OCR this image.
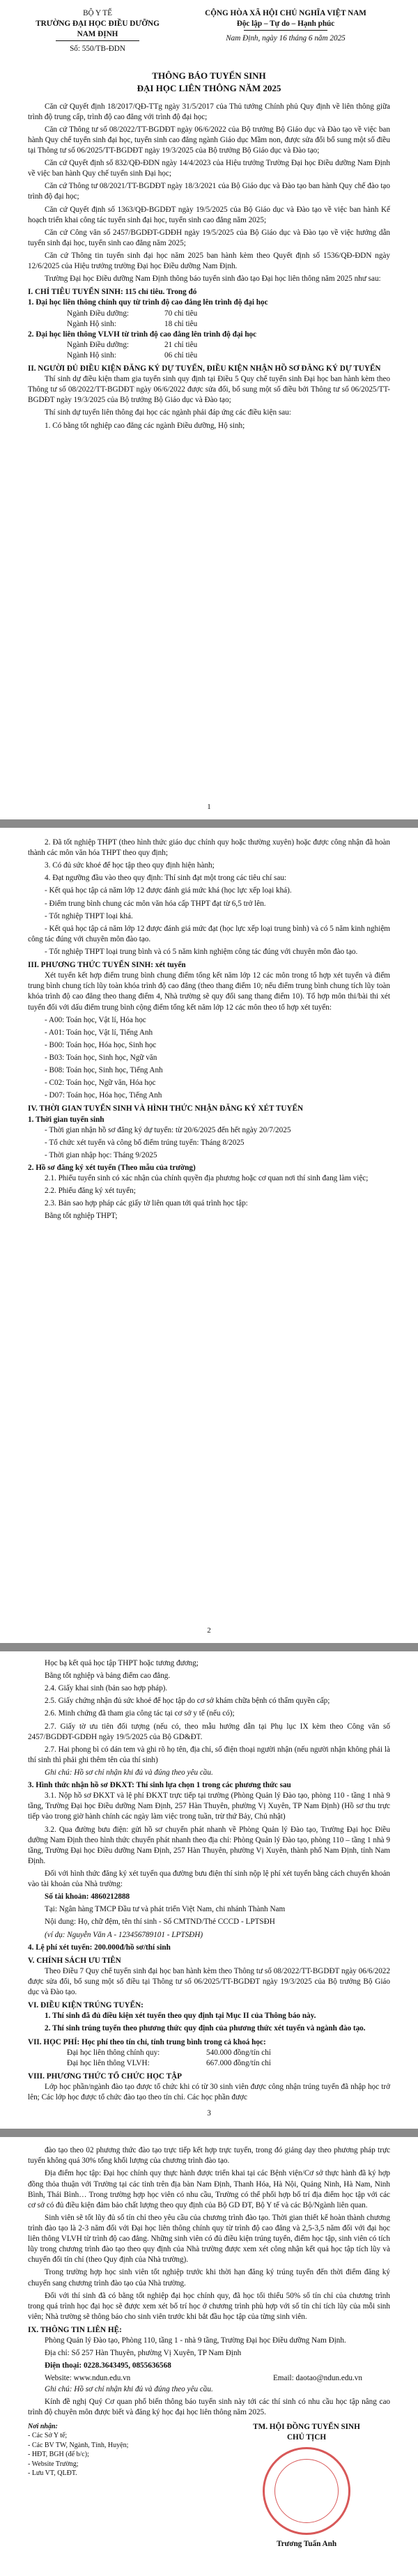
BỘ Y TẾ
TRƯỜNG ĐẠI HỌC ĐIỀU DƯỠNG NAM ĐỊNH
Số: 550/TB-ĐDN
CỘNG HÒA XÃ HỘI CHỦ NGHĨA VIỆT NAM
Độc lập – Tự do – Hạnh phúc
Nam Định, ngày 16 tháng 6 năm 2025
THÔNG BÁO TUYỂN SINH
ĐẠI HỌC LIÊN THÔNG NĂM 2025

Căn cứ Quyết định 18/2017/QĐ-TTg ngày 31/5/2017 của Thủ tướng Chính phủ Quy định về liên thông giữa trình độ trung cấp, trình độ cao đẳng với trình độ đại học;

Căn cứ Thông tư số 08/2022/TT-BGDĐT ngày 06/6/2022 của Bộ trưởng Bộ Giáo dục và Đào tạo về việc ban hành Quy chế tuyển sinh đại học, tuyển sinh cao đẳng ngành Giáo dục Mầm non, được sửa đổi bổ sung một số điều tại Thông tư số 06/2025/TT-BGDĐT ngày 19/3/2025 của Bộ trưởng Bộ Giáo dục và Đào tạo;

Căn cứ Quyết định số 832/QĐ-ĐDN ngày 14/4/2023 của Hiệu trưởng Trường Đại học Điều dưỡng Nam Định về việc ban hành Quy chế tuyển sinh Đại học;

Căn cứ Thông tư 08/2021/TT-BGDĐT ngày 18/3/2021 của Bộ Giáo dục và Đào tạo ban hành Quy chế đào tạo trình độ đại học;

Căn cứ Quyết định số 1363/QĐ-BGDĐT ngày 19/5/2025 của Bộ Giáo dục và Đào tạo về việc ban hành Kế hoạch triển khai công tác tuyển sinh đại học, tuyển sinh cao đẳng năm 2025;

Căn cứ Công văn số 2457/BGDĐT-GDĐH ngày 19/5/2025 của Bộ Giáo dục và Đào tạo về việc hướng dẫn tuyển sinh đại học, tuyển sinh cao đẳng năm 2025;

Căn cứ Thông tin tuyển sinh đại học năm 2025 ban hành kèm theo Quyết định số 1536/QĐ-ĐDN ngày 12/6/2025 của Hiệu trưởng trường Đại học Điều dưỡng Nam Định.

Trường Đại học Điều dưỡng Nam Định thông báo tuyển sinh đào tạo Đại học liên thông năm 2025 như sau:

I. CHỈ TIÊU TUYỂN SINH: 115 chỉ tiêu. Trong đó
1. Đại học liên thông chính quy từ trình độ cao đẳng lên trình độ đại học
Ngành Điều dưỡng:	70 chỉ tiêu
Ngành Hộ sinh:	18 chỉ tiêu
2. Đại học liên thông VLVH từ trình độ cao đẳng lên trình độ đại học
Ngành Điều dưỡng:	21 chỉ tiêu
Ngành Hộ sinh:	06 chỉ tiêu
II. NGƯỜI ĐỦ ĐIỀU KIỆN ĐĂNG KÝ DỰ TUYỂN, ĐIỀU KIỆN NHẬN HỒ SƠ ĐĂNG KÝ DỰ TUYỂN

Thí sinh dự điều kiện tham gia tuyển sinh quy định tại Điều 5 Quy chế tuyển sinh Đại học ban hành kèm theo Thông tư số 08/2022/TT-BGDĐT ngày 06/6/2022 được sửa đổi, bổ sung một số điều bởi Thông tư số 06/2025/TT-BGDĐT ngày 19/3/2025 của Bộ trưởng Bộ Giáo dục và Đào tạo;

Thí sinh dự tuyển liên thông đại học các ngành phải đáp ứng các điều kiện sau:

1. Có bằng tốt nghiệp cao đẳng các ngành Điều dưỡng, Hộ sinh;

1

2. Đã tốt nghiệp THPT (theo hình thức giáo dục chính quy hoặc thường xuyên) hoặc được công nhận đã hoàn thành các môn văn hóa THPT theo quy định;

3. Có đủ sức khoẻ để học tập theo quy định hiện hành;

4. Đạt ngưỡng đầu vào theo quy định: Thí sinh đạt một trong các tiêu chí sau:

- Kết quả học tập cả năm lớp 12 được đánh giá mức khá (học lực xếp loại khá).

- Điểm trung bình chung các môn văn hóa cấp THPT đạt từ 6,5 trở lên.

- Tốt nghiệp THPT loại khá.

- Kết quả học tập cả năm lớp 12 được đánh giá mức đạt (học lực xếp loại trung bình) và có 5 năm kinh nghiệm công tác đúng với chuyên môn đào tạo.

- Tốt nghiệp THPT loại trung bình và có 5 năm kinh nghiệm công tác đúng với chuyên môn đào tạo.

III. PHƯƠNG THỨC TUYỂN SINH: xét tuyển

Xét tuyển kết hợp điểm trung bình chung điểm tổng kết năm lớp 12 các môn trong tổ hợp xét tuyển và điểm trung bình chung tích lũy toàn khóa trình độ cao đẳng (theo thang điểm 10; nếu điểm trung bình chung tích lũy toàn khóa trình độ cao đẳng theo thang điểm 4, Nhà trường sẽ quy đổi sang thang điểm 10). Tổ hợp môn thi/bài thi xét tuyển đối với dấu điểm trung bình cộng điểm tổng kết năm lớp 12 các môn theo tổ hợp xét tuyển:

- A00: Toán học, Vật lí, Hóa học

- A01: Toán học, Vật lí, Tiếng Anh

- B00: Toán học, Hóa học, Sinh học

- B03: Toán học, Sinh học, Ngữ văn

- B08: Toán học, Sinh học, Tiếng Anh

- C02: Toán học, Ngữ văn, Hóa học

- D07: Toán học, Hóa học, Tiếng Anh

IV. THỜI GIAN TUYỂN SINH VÀ HÌNH THỨC NHẬN ĐĂNG KÝ XÉT TUYỂN
1. Thời gian tuyển sinh

- Thời gian nhận hồ sơ đăng ký dự tuyển: từ 20/6/2025 đến hết ngày 20/7/2025

- Tổ chức xét tuyển và công bố điểm trúng tuyển: Tháng 8/2025

- Thời gian nhập học: Tháng 9/2025

2. Hồ sơ đăng ký xét tuyển (Theo mẫu của trường)

2.1. Phiếu tuyển sinh có xác nhận của chính quyền địa phương hoặc cơ quan nơi thí sinh đang làm việc;

2.2. Phiếu đăng ký xét tuyển;

2.3. Bản sao hợp pháp các giấy tờ liên quan tới quá trình học tập:

Bằng tốt nghiệp THPT;

2

Học bạ kết quả học tập THPT hoặc tương đương;

Bằng tốt nghiệp và bảng điểm cao đẳng.

2.4. Giấy khai sinh (bản sao hợp pháp).

2.5. Giấy chứng nhận đủ sức khoẻ để học tập do cơ sở khám chữa bệnh có thẩm quyền cấp;

2.6. Minh chứng đã tham gia công tác tại cơ sở y tế (nếu có);

2.7. Giấy tờ ưu tiên đối tượng (nếu có, theo mẫu hướng dẫn tại Phụ lục IX kèm theo Công văn số 2457/BGDĐT-GDĐH ngày 19/5/2025 của Bộ GD&ĐT.

2.7. Hai phong bì có dán tem và ghi rõ họ tên, địa chỉ, số điện thoại người nhận (nếu người nhận không phải là thí sinh thì phải ghi thêm tên của thí sinh)

Ghi chú: Hồ sơ chỉ nhận khi đủ và đúng theo yêu cầu.

3. Hình thức nhận hồ sơ ĐKXT: Thí sinh lựa chọn 1 trong các phương thức sau

3.1. Nộp hồ sơ ĐKXT và lệ phí ĐKXT trực tiếp tại trường (Phòng Quản lý Đào tạo, phòng 110 - tầng 1 nhà 9 tầng, Trường Đại học Điều dưỡng Nam Định, 257 Hàn Thuyên, phường Vị Xuyên, TP Nam Định) (Hồ sơ thu trực tiếp vào trong giờ hành chính các ngày làm việc trong tuần, trừ thứ Bảy, Chủ nhật)

3.2. Qua đường bưu điện: gửi hồ sơ chuyển phát nhanh về Phòng Quản lý Đào tạo, Trường Đại học Điều dưỡng Nam Định theo hình thức chuyển phát nhanh theo địa chỉ: Phòng Quản lý Đào tạo, phòng 110 – tầng 1 nhà 9 tầng, Trường Đại học Điều dưỡng Nam Định, 257 Hàn Thuyên, phường Vị Xuyên, thành phố Nam Định, tỉnh Nam Định.

Đối với hình thức đăng ký xét tuyển qua đường bưu điện thí sinh nộp lệ phí xét tuyển bằng cách chuyển khoản vào tài khoản của Nhà trường:

Số tài khoản: 4860212888

Tại: Ngân hàng TMCP Đầu tư và phát triển Việt Nam, chi nhánh Thành Nam

Nội dung: Họ, chữ đệm, tên thí sinh - Số CMTND/Thẻ CCCD - LPTSĐH

(ví dụ: Nguyễn Văn A - 123456789101 - LPTSĐH)

4. Lệ phí xét tuyển: 200.000đ/hồ sơ/thí sinh
V. CHÍNH SÁCH ƯU TIÊN

Theo Điều 7 Quy chế tuyển sinh đại học ban hành kèm theo Thông tư số 08/2022/TT-BGDĐT ngày 06/6/2022 được sửa đổi, bổ sung một số điều tại Thông tư số 06/2025/TT-BGDĐT ngày 19/3/2025 của Bộ trưởng Bộ Giáo dục và Đào tạo.

VI. ĐIỀU KIỆN TRÚNG TUYỂN:

1. Thí sinh đã đủ điều kiện xét tuyển theo quy định tại Mục II của Thông báo này.

2. Thí sinh trúng tuyển theo phương thức quy định của phương thức xét tuyển và ngành đào tạo.

VII. HỌC PHÍ: Học phí theo tín chỉ, tính trung bình trong cả khoá học:
Đại học liên thông chính quy:	540.000 đồng/tín chỉ
Đại học liên thông VLVH:	667.000 đồng/tín chỉ
VIII. PHƯƠNG THỨC TỔ CHỨC HỌC TẬP

Lớp học phần/ngành đào tạo được tổ chức khi có từ 30 sinh viên được công nhận trúng tuyển đã nhập học trở lên; Các lớp học được tổ chức đào tạo theo tín chỉ. Các học phần được

3

đào tạo theo 02 phương thức đào tạo trực tiếp kết hợp trực tuyến, trong đó giảng dạy theo phương pháp trực tuyến không quá 30% tổng khối lượng của chương trình đào tạo.

Địa điểm học tập: Đại học chính quy thực hành được triển khai tại các Bệnh viện/Cơ sở thực hành đã ký hợp đồng thỏa thuận với Trường tại các tỉnh trên địa bàn Nam Định, Thanh Hóa, Hà Nội, Quảng Ninh, Hà Nam, Ninh Bình, Thái Bình… Trong trường hợp học viên có nhu cầu, Trường có thể phối hợp bố trí địa điểm học tập với các cơ sở có đủ điều kiện đảm bảo chất lượng theo quy định của Bộ GD ĐT, Bộ Y tế và các Bộ/Ngành liên quan.

Sinh viên sẽ tốt lũy đủ số tín chỉ theo yêu cầu của chương trình đào tạo. Thời gian thiết kế hoàn thành chương trình đào tạo là 2-3 năm đối với Đại học liên thông chính quy từ trình độ cao đẳng và 2,5-3,5 năm đối với đại học liên thông VLVH từ trình độ cao đẳng. Những sinh viên có đủ điều kiện trúng tuyển, điểm học tập, sinh viên có tích lũy trong chương trình đào tạo theo quy định của Nhà trường được xem xét công nhận kết quả học tập tích lũy và chuyển đổi tín chỉ (theo Quy định của Nhà trường).

Trong trường hợp học sinh viên tốt nghiệp trước khi thời hạn đăng ký trúng tuyển đến thời điểm đăng ký chuyển sang chương trình đào tạo của Nhà trường.

Đối với thí sinh đã có bằng tốt nghiệp đại học chính quy, đã học tối thiểu 50% số tín chỉ của chương trình trong quá trình học đại học sẽ được xem xét bố trí học ở chương trình phù hợp với số tín chỉ tích lũy của mỗi sinh viên; Nhà trường sẽ thông báo cho sinh viên trước khi bắt đầu học tập của từng sinh viên.

IX. THÔNG TIN LIÊN HỆ:

Phòng Quản lý Đào tạo, Phòng 110, tầng 1 - nhà 9 tầng, Trường Đại học Điều dưỡng Nam Định.

Địa chỉ: Số 257 Hàn Thuyên, phường Vị Xuyên, TP Nam Định

Điện thoại: 0228.3643495, 0855636568

Website: www.ndun.edu.vn	Email: daotao@ndun.edu.vn

Ghi chú: Hồ sơ chỉ nhận khi đủ và đúng theo yêu cầu.

Kính đề nghị Quý Cơ quan phổ biến thông báo tuyển sinh này tới các thí sinh có nhu cầu học tập nâng cao trình độ chuyên môn được biết và đăng ký học đại học liên thông năm 2025.

Nơi nhận:
- Các Sở Y tế;
- Các BV TW, Ngành, Tỉnh, Huyện;
- HĐT, BGH (để b/c);
- Website Trường;
- Lưu VT, QLĐT.
TM. HỘI ĐỒNG TUYỂN SINH
CHỦ TỊCH
Trương Tuấn Anh
